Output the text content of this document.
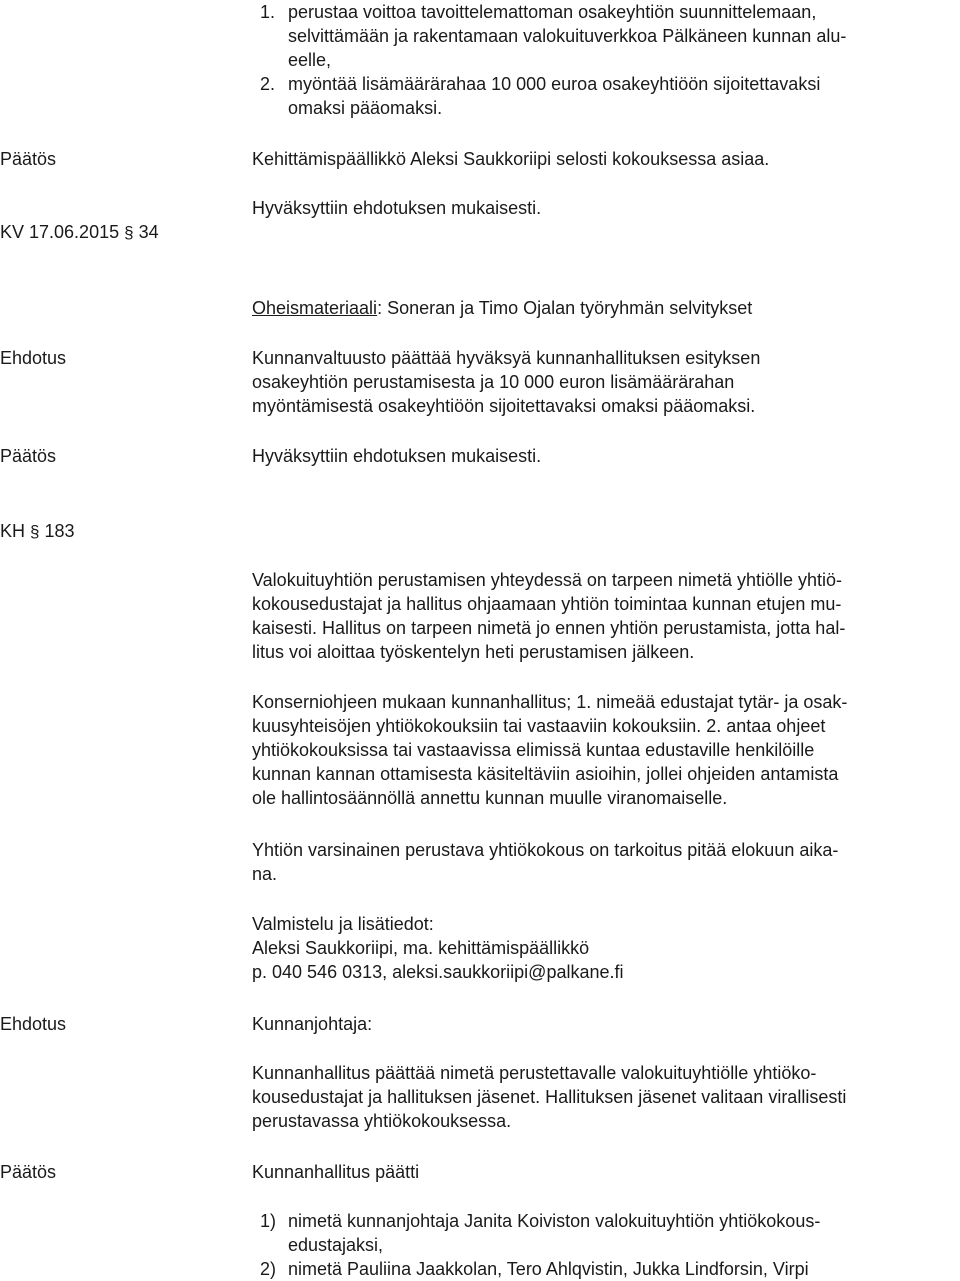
1. perustaa voittoa tavoittelemattoman osakeyhtiön suunnittelemaan,
selvittämään ja rakentamaan valokuituverkkoa Pälkäneen kunnan alu-
eelle,
2. myöntää lisämäärärahaa 10 000 euroa osakeyhtiöön sijoitettavaksi
omaksi pääomaksi.
Päätös	Kehittämispäällikkö Aleksi Saukkoriipi selosti kokouksessa asiaa.
Hyväksyttiin ehdotuksen mukaisesti.
KV 17.06.2015 § 34
Oheismateriaali: Soneran ja Timo Ojalan työryhmän selvitykset
Ehdotus	Kunnanvaltuusto päättää hyväksyä kunnanhallituksen esityksen
osakeyhtiön perustamisesta ja 10 000 euron lisämäärärahan
myöntämisestä osakeyhtiöön sijoitettavaksi omaksi pääomaksi.
Päätös	Hyväksyttiin ehdotuksen mukaisesti.
KH § 183
Valokuituyhtiön perustamisen yhteydessä on tarpeen nimetä yhtiölle yhtiö-
kokousedustajat ja hallitus ohjaamaan yhtiön toimintaa kunnan etujen mu-
kaisesti. Hallitus on tarpeen nimetä jo ennen yhtiön perustamista, jotta hal-
litus voi aloittaa työskentelyn heti perustamisen jälkeen.
Konserniohjeen mukaan kunnanhallitus; 1. nimeää edustajat tytär- ja osak-
kuusyhteisöjen yhtiökokouksiin tai vastaaviin kokouksiin. 2. antaa ohjeet
yhtiökokouksissa tai vastaavissa elimissä kuntaa edustaville henkilöille
kunnan kannan ottamisesta käsiteltäviin asioihin, jollei ohjeiden antamista
ole hallintosäännöllä annettu kunnan muulle viranomaiselle.
Yhtiön varsinainen perustava yhtiökokous on tarkoitus pitää elokuun aika-
na.
Valmistelu ja lisätiedot:
Aleksi Saukkoriipi, ma. kehittämispäällikkö
p. 040 546 0313, aleksi.saukkoriipi@palkane.fi
Ehdotus	Kunnanjohtaja:
Kunnanhallitus päättää nimetä perustettavalle valokuituyhtiölle yhtiöko-
kousedustajat ja hallituksen jäsenet. Hallituksen jäsenet valitaan virallisesti
perustavassa yhtiökokouksessa.
Päätös	Kunnanhallitus päätti
1) nimetä kunnanjohtaja Janita Koiviston valokuituyhtiön yhtiökokous-
edustajaksi,
2) nimetä Pauliina Jaakkolan, Tero Ahlqvistin, Jukka Lindforsin, Virpi
